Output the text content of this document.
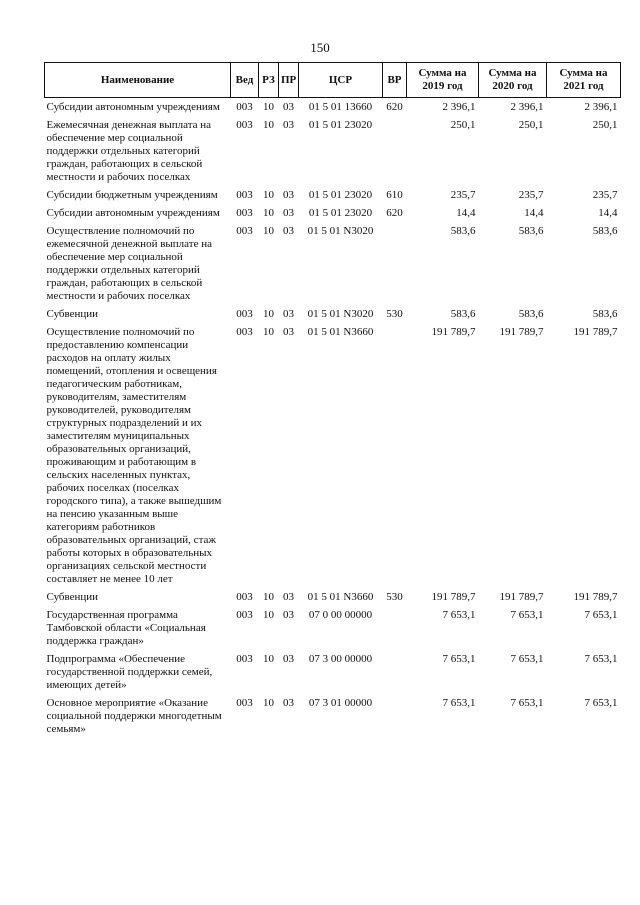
150
Наименование	Вед	РЗ	ПР	ЦСР	ВР	Сумма на 2019 год	Сумма на 2020 год	Сумма на 2021 год
Субсидии автономным учреждениям	003	10	03	01 5 01 13660	620	2 396,1	2 396,1	2 396,1
Ежемесячная денежная выплата на обеспечение мер социальной поддержки отдельных категорий граждан, работающих в сельской местности и рабочих поселках	003	10	03	01 5 01 23020		250,1	250,1	250,1
Субсидии бюджетным учреждениям	003	10	03	01 5 01 23020	610	235,7	235,7	235,7
Субсидии автономным учреждениям	003	10	03	01 5 01 23020	620	14,4	14,4	14,4
Осуществление полномочий по ежемесячной денежной выплате на обеспечение мер социальной поддержки отдельных категорий граждан, работающих в сельской местности и рабочих поселках	003	10	03	01 5 01 N3020		583,6	583,6	583,6
Субвенции	003	10	03	01 5 01 N3020	530	583,6	583,6	583,6
Осуществление полномочий по предоставлению компенсации расходов на оплату жилых помещений, отопления и освещения педагогическим работникам, руководителям, заместителям руководителей, руководителям структурных подразделений и их заместителям муниципальных образовательных организаций, проживающим и работающим в сельских населенных пунктах, рабочих поселках (поселках городского типа), а также вышедшим на пенсию указанным выше категориям работников образовательных организаций, стаж работы которых в образовательных организациях сельской местности составляет не менее 10 лет	003	10	03	01 5 01 N3660		191 789,7	191 789,7	191 789,7
Субвенции	003	10	03	01 5 01 N3660	530	191 789,7	191 789,7	191 789,7
Государственная программа Тамбовской области «Социальная поддержка граждан»	003	10	03	07 0 00 00000		7 653,1	7 653,1	7 653,1
Подпрограмма «Обеспечение государственной поддержки семей, имеющих детей»	003	10	03	07 3 00 00000		7 653,1	7 653,1	7 653,1
Основное мероприятие «Оказание социальной поддержки многодетным семьям»	003	10	03	07 3 01 00000		7 653,1	7 653,1	7 653,1
